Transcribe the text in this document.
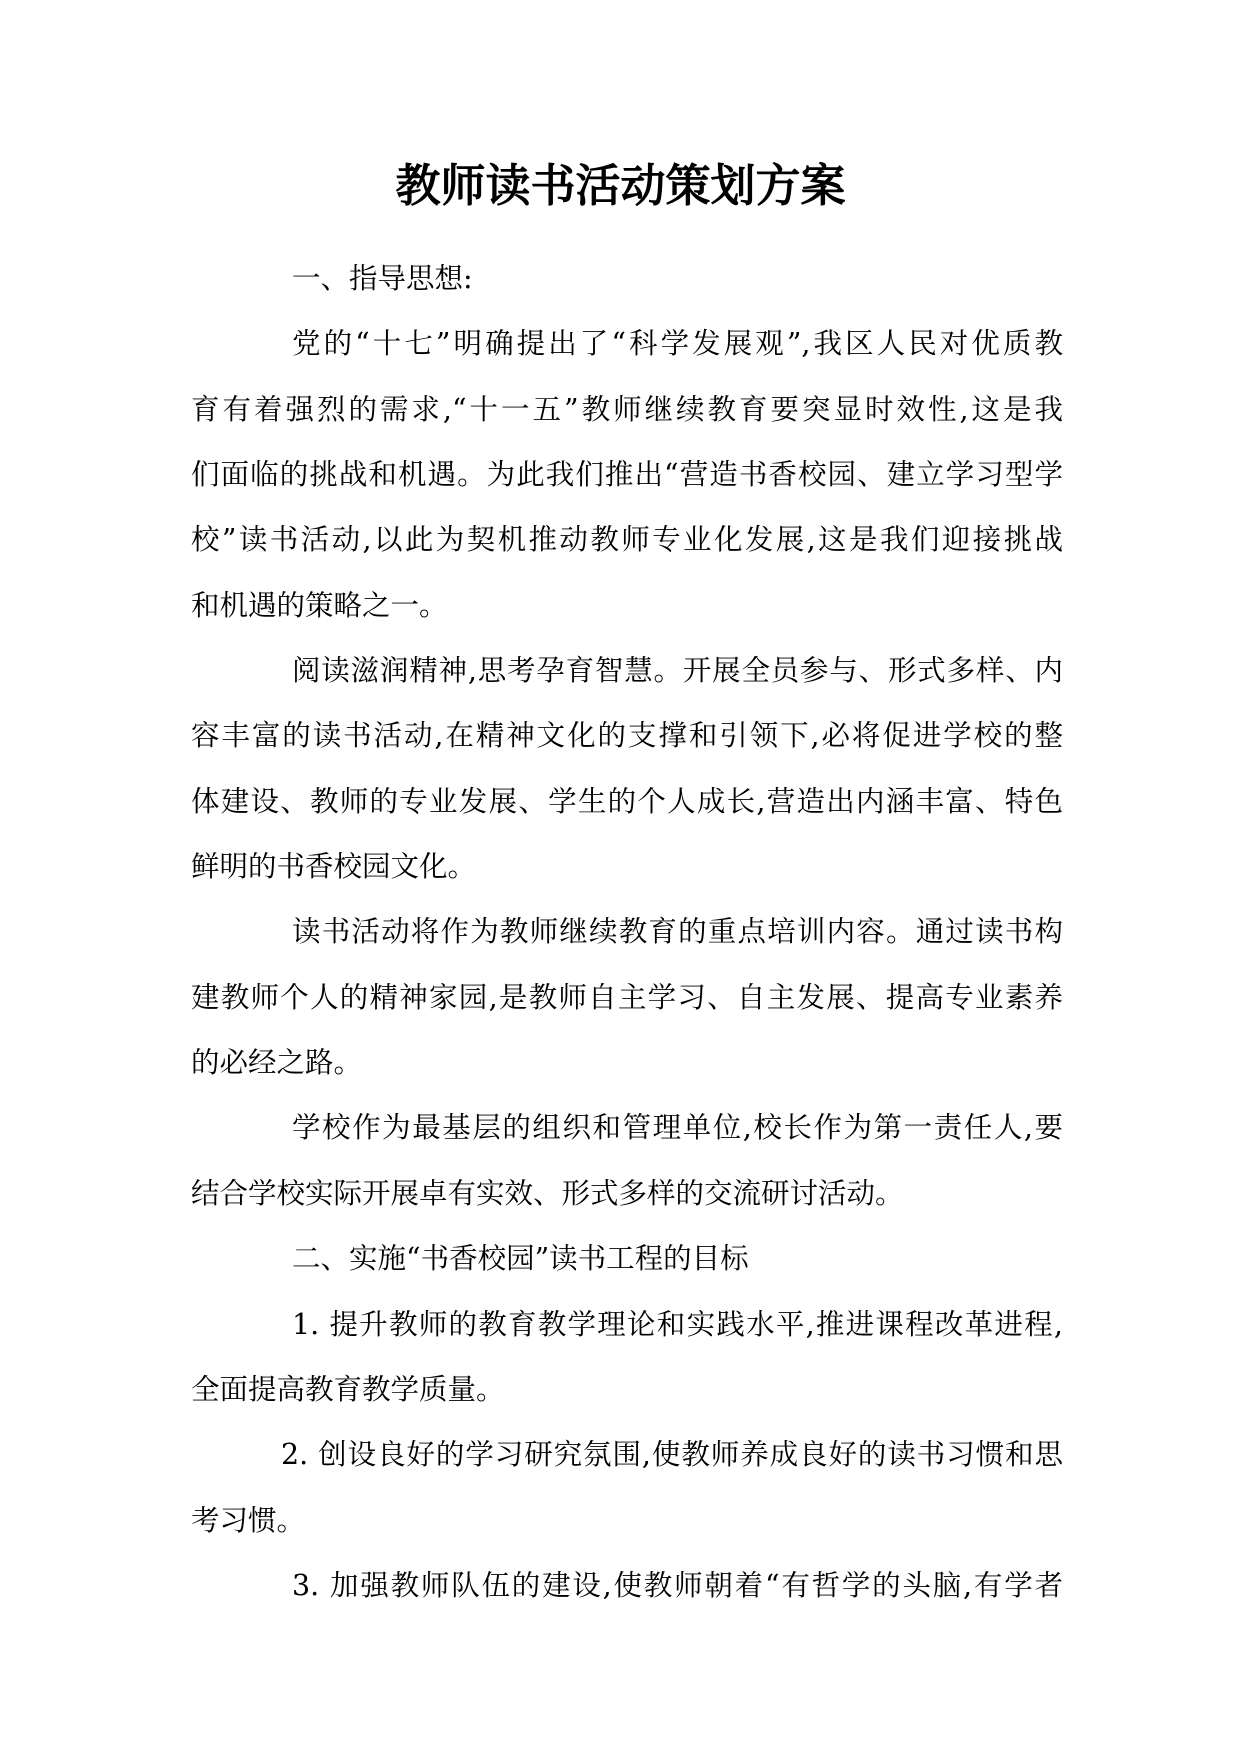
教师读书活动策划方案
一、指导思想:
党的“十七”明确提出了“科学发展观”,我区人民对优质教
育有着强烈的需求,“十一五”教师继续教育要突显时效性,这是我
们面临的挑战和机遇。为此我们推出“营造书香校园、建立学习型学
校”读书活动,以此为契机推动教师专业化发展,这是我们迎接挑战
和机遇的策略之一。
阅读滋润精神,思考孕育智慧。开展全员参与、形式多样、内
容丰富的读书活动,在精神文化的支撑和引领下,必将促进学校的整
体建设、教师的专业发展、学生的个人成长,营造出内涵丰富、特色
鲜明的书香校园文化。
读书活动将作为教师继续教育的重点培训内容。通过读书构
建教师个人的精神家园,是教师自主学习、自主发展、提高专业素养
的必经之路。
学校作为最基层的组织和管理单位,校长作为第一责任人,要
结合学校实际开展卓有实效、形式多样的交流研讨活动。
二、实施“书香校园”读书工程的目标
1. 提升教师的教育教学理论和实践水平,推进课程改革进程,
全面提高教育教学质量。
2. 创设良好的学习研究氛围,使教师养成良好的读书习惯和思
考习惯。
3. 加强教师队伍的建设,使教师朝着“有哲学的头脑,有学者
